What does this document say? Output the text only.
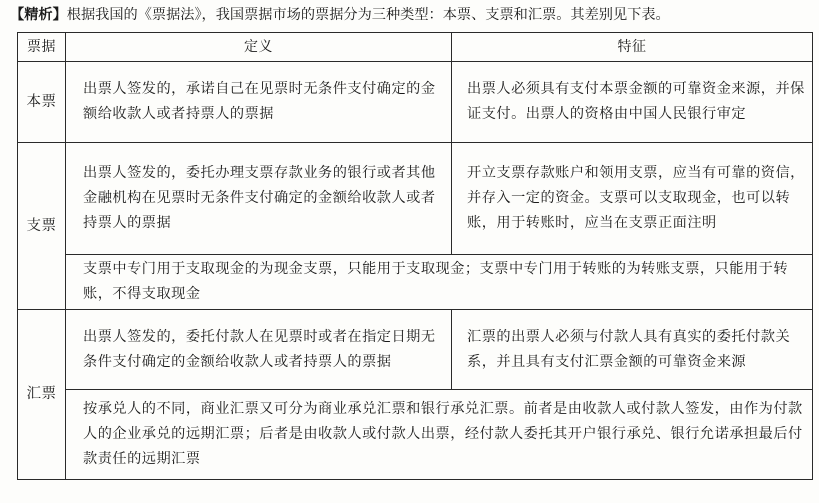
【精析】根据我国的《票据法》，我国票据市场的票据分为三种类型：本票、支票和汇票。其差别见下表。
票据	定义	特征
本票	出票人签发的，承诺自己在见票时无条件支付确定的金额给收款人或者持票人的票据	出票人必须具有支付本票金额的可靠资金来源，并保证支付。出票人的资格由中国人民银行审定

支票	出票人签发的，委托办理支票存款业务的银行或者其他金融机构在见票时无条件支付确定的金额给收款人或者持票人的票据	开立支票存款账户和领用支票，应当有可靠的资信，并存入一定的资金。支票可以支取现金，也可以转账，用于转账时，应当在支票正面注明

	支票中专门用于支取现金的为现金支票，只能用于支取现金；支票中专门用于转账的为转账支票，只能用于转账，不得支取现金	

汇票	出票人签发的，委托付款人在见票时或者在指定日期无条件支付确定的金额给收款人或者持票人的票据	汇票的出票人必须与付款人具有真实的委托付款关系，并且具有支付汇票金额的可靠资金来源

	按承兑人的不同，商业汇票又可分为商业承兑汇票和银行承兑汇票。前者是由收款人或付款人签发，由作为付款人的企业承兑的远期汇票；后者是由收款人或付款人出票，经付款人委托其开户银行承兑、银行允诺承担最后付款责任的远期汇票	
